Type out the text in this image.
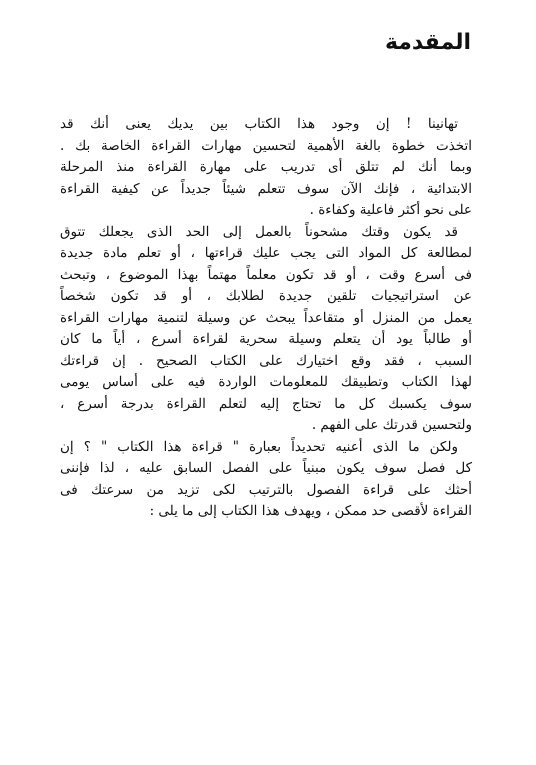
المقدمة
تهانينا ! إن وجود هذا الكتاب بين يديك يعنى أنك قد
اتخذت خطوة بالغة الأهمية لتحسين مهارات القراءة الخاصة بك .
وبما أنك لم تتلق أى تدريب على مهارة القراءة منذ المرحلة
الابتدائية ، فإنك الآن سوف تتعلم شيئاً جديداً عن كيفية القراءة
على نحو أكثر فاعلية وكفاءة .
قد يكون وقتك مشحوناً بالعمل إلى الحد الذى يجعلك تتوق
لمطالعة كل المواد التى يجب عليك قراءتها ، أو تعلم مادة جديدة
فى أسرع وقت ، أو قد تكون معلماً مهتماً بهذا الموضوع ، وتبحث
عن استراتيجيات تلقين جديدة لطلابك ، أو قد تكون شخصاً
يعمل من المنزل أو متقاعداً يبحث عن وسيلة لتنمية مهارات القراءة
أو طالباً يود أن يتعلم وسيلة سحرية لقراءة أسرع ، أياً ما كان
السبب ، فقد وقع اختيارك على الكتاب الصحيح . إن قراءتك
لهذا الكتاب وتطبيقك للمعلومات الواردة فيه على أساس يومى
سوف يكسبك كل ما تحتاج إليه لتعلم القراءة بدرجة أسرع ،
ولتحسين قدرتك على الفهم .
ولكن ما الذى أعنيه تحديداً بعبارة " قراءة هذا الكتاب " ؟ إن
كل فصل سوف يكون مبنياً على الفصل السابق عليه ، لذا فإننى
أحثك على قراءة الفصول بالترتيب لكى تزيد من سرعتك فى
القراءة لأقصى حد ممكن ، ويهدف هذا الكتاب إلى ما يلى :
